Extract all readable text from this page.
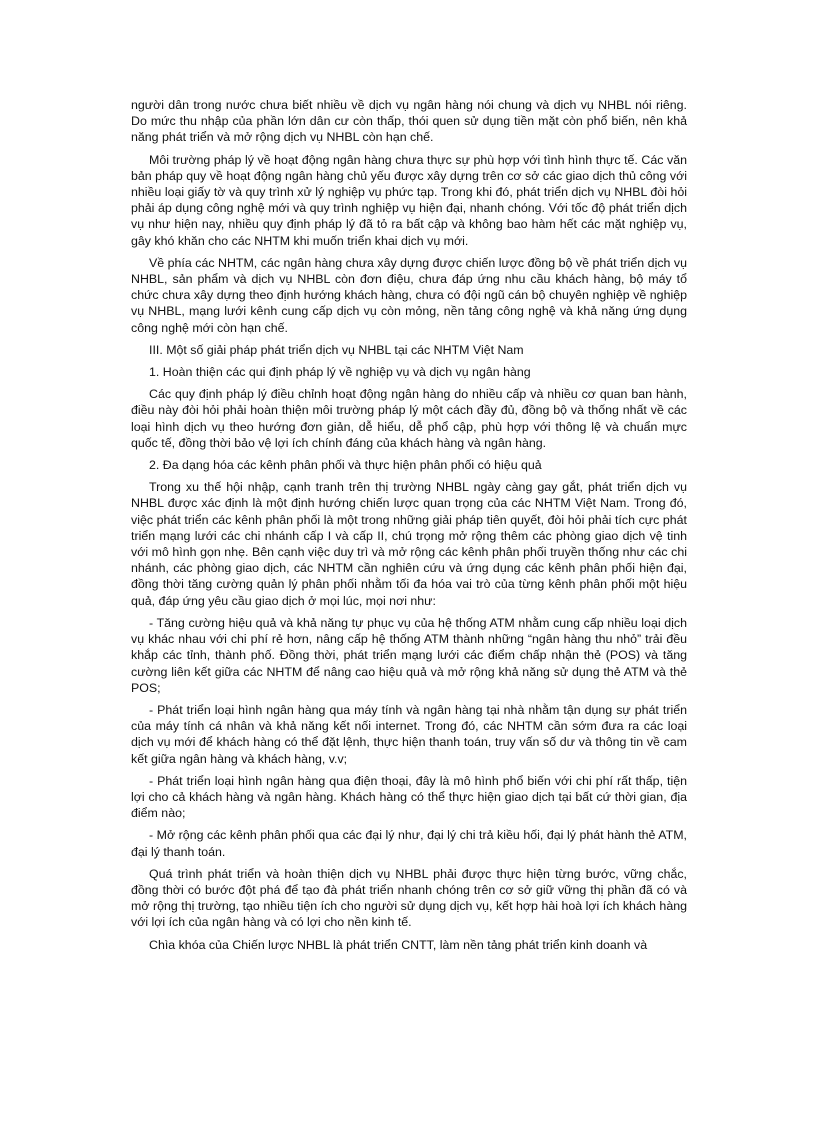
người dân trong nước chưa biết nhiều về dịch vụ ngân hàng nói chung và dịch vụ NHBL nói riêng. Do mức thu nhập của phần lớn dân cư còn thấp, thói quen sử dụng tiền mặt còn phổ biến, nên khả năng phát triển và mở rộng dịch vụ NHBL còn hạn chế.

Môi trường pháp lý về hoạt động ngân hàng chưa thực sự phù hợp với tình hình thực tế. Các văn bản pháp quy về hoạt động ngân hàng chủ yếu được xây dựng trên cơ sở các giao dịch thủ công với nhiều loại giấy tờ và quy trình xử lý nghiệp vụ phức tạp. Trong khi đó, phát triển dịch vụ NHBL đòi hỏi phải áp dụng công nghệ mới và quy trình nghiệp vụ hiện đại, nhanh chóng. Với tốc độ phát triển dịch vụ như hiện nay, nhiều quy định pháp lý đã tỏ ra bất cập và không bao hàm hết các mặt nghiệp vụ, gây khó khăn cho các NHTM khi muốn triển khai dịch vụ mới.

Về phía các NHTM, các ngân hàng chưa xây dựng được chiến lược đồng bộ về phát triển dịch vụ NHBL, sản phẩm và dịch vụ NHBL còn đơn điệu, chưa đáp ứng nhu cầu khách hàng, bộ máy tổ chức chưa xây dựng theo định hướng khách hàng, chưa có đội ngũ cán bộ chuyên nghiệp về nghiệp vụ NHBL, mạng lưới kênh cung cấp dịch vụ còn mỏng, nền tảng công nghệ và khả năng ứng dụng công nghệ mới còn hạn chế.

III. Một số giải pháp phát triển dịch vụ NHBL tại các NHTM Việt Nam

1. Hoàn thiện các qui định pháp lý về nghiệp vụ và dịch vụ ngân hàng

Các quy định pháp lý điều chỉnh hoạt động ngân hàng do nhiều cấp và nhiều cơ quan ban hành, điều này đòi hỏi phải hoàn thiện môi trường pháp lý một cách đầy đủ, đồng bộ và thống nhất về các loại hình dịch vụ theo hướng đơn giản, dễ hiểu, dễ phổ cập, phù hợp với thông lệ và chuẩn mực quốc tế, đồng thời bảo vệ lợi ích chính đáng của khách hàng và ngân hàng.

2. Đa dạng hóa các kênh phân phối và thực hiện phân phối có hiệu quả

Trong xu thế hội nhập, cạnh tranh trên thị trường NHBL ngày càng gay gắt, phát triển dịch vụ NHBL được xác định là một định hướng chiến lược quan trọng của các NHTM Việt Nam. Trong đó, việc phát triển các kênh phân phối là một trong những giải pháp tiên quyết, đòi hỏi phải tích cực phát triển mạng lưới các chi nhánh cấp I và cấp II, chú trọng mở rộng thêm các phòng giao dịch vệ tinh với mô hình gọn nhẹ. Bên cạnh việc duy trì và mở rộng các kênh phân phối truyền thống như các chi nhánh, các phòng giao dịch, các NHTM cần nghiên cứu và ứng dụng các kênh phân phối hiện đại, đồng thời tăng cường quản lý phân phối nhằm tối đa hóa vai trò của từng kênh phân phối một hiệu quả, đáp ứng yêu cầu giao dịch ở mọi lúc, mọi nơi như:

- Tăng cường hiệu quả và khả năng tự phục vụ của hệ thống ATM nhằm cung cấp nhiều loại dịch vụ khác nhau với chi phí rẻ hơn, nâng cấp hệ thống ATM thành những “ngân hàng thu nhỏ” trải đều khắp các tỉnh, thành phố. Đồng thời, phát triển mạng lưới các điểm chấp nhận thẻ (POS) và tăng cường liên kết giữa các NHTM để nâng cao hiệu quả và mở rộng khả năng sử dụng thẻ ATM và thẻ POS;

- Phát triển loại hình ngân hàng qua máy tính và ngân hàng tại nhà nhằm tận dụng sự phát triển của máy tính cá nhân và khả năng kết nối internet. Trong đó, các NHTM cần sớm đưa ra các loại dịch vụ mới để khách hàng có thể đặt lệnh, thực hiện thanh toán, truy vấn số dư và thông tin về cam kết giữa ngân hàng và khách hàng, v.v;

- Phát triển loại hình ngân hàng qua điện thoại, đây là mô hình phổ biến với chi phí rất thấp, tiện lợi cho cả khách hàng và ngân hàng. Khách hàng có thể thực hiện giao dịch tại bất cứ thời gian, địa điểm nào;

- Mở rộng các kênh phân phối qua các đại lý như, đại lý chi trả kiều hối, đại lý phát hành thẻ ATM, đại lý thanh toán.

Quá trình phát triển và hoàn thiện dịch vụ NHBL phải được thực hiện từng bước, vững chắc, đồng thời có bước đột phá để tạo đà phát triển nhanh chóng trên cơ sở giữ vững thị phần đã có và mở rộng thị trường, tạo nhiều tiện ích cho người sử dụng dịch vụ, kết hợp hài hoà lợi ích khách hàng với lợi ích của ngân hàng và có lợi cho nền kinh tế.

Chìa khóa của Chiến lược NHBL là phát triển CNTT, làm nền tảng phát triển kinh doanh và
